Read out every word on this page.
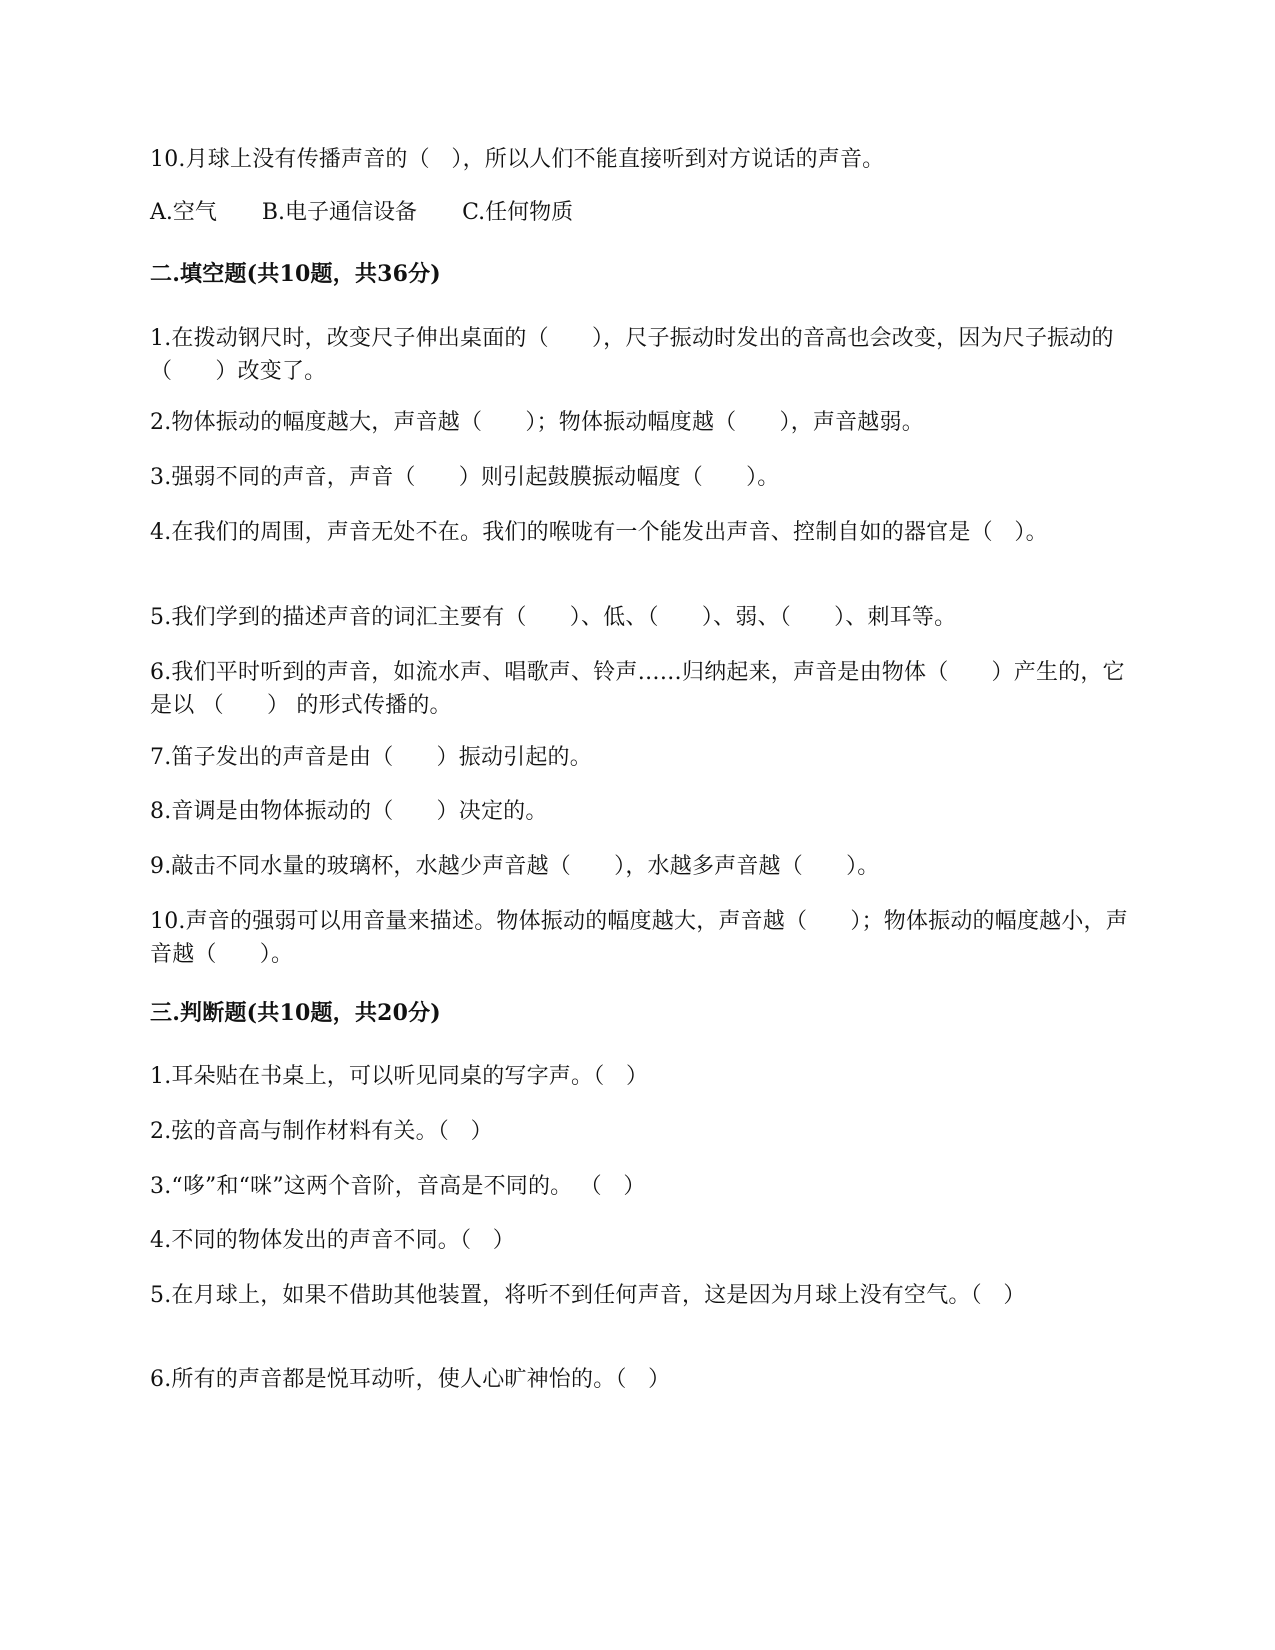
10.月球上没有传播声音的（   ），所以人们不能直接听到对方说话的声音。
A.空气 B.电子通信设备 C.任何物质
二.填空题(共10题，共36分)
1.在拨动钢尺时，改变尺子伸出桌面的（      ），尺子振动时发出的音高也会改变，因为尺子振动的（      ）改变了。
2.物体振动的幅度越大，声音越（      ）；物体振动幅度越（      ），声音越弱。
3.强弱不同的声音，声音（      ）则引起鼓膜振动幅度（      ）。
4.在我们的周围，声音无处不在。我们的喉咙有一个能发出声音、控制自如的器官是（   ）。
5.我们学到的描述声音的词汇主要有（      ）、低、（      ）、弱、（      ）、刺耳等。
6.我们平时听到的声音，如流水声、唱歌声、铃声……归纳起来，声音是由物体（      ）产生的，它是以 （      ） 的形式传播的。
7.笛子发出的声音是由（      ）振动引起的。
8.音调是由物体振动的（      ）决定的。
9.敲击不同水量的玻璃杯，水越少声音越（      ），水越多声音越（      ）。
10.声音的强弱可以用音量来描述。物体振动的幅度越大，声音越（      ）；物体振动的幅度越小，声音越（      ）。
三.判断题(共10题，共20分)
1.耳朵贴在书桌上，可以听见同桌的写字声。（   ）
2.弦的音高与制作材料有关。（   ）
3.“哆”和“咪”这两个音阶，音高是不同的。 （   ）
4.不同的物体发出的声音不同。（   ）
5.在月球上，如果不借助其他装置，将听不到任何声音，这是因为月球上没有空气。（   ）
6.所有的声音都是悦耳动听，使人心旷神怡的。（   ）
